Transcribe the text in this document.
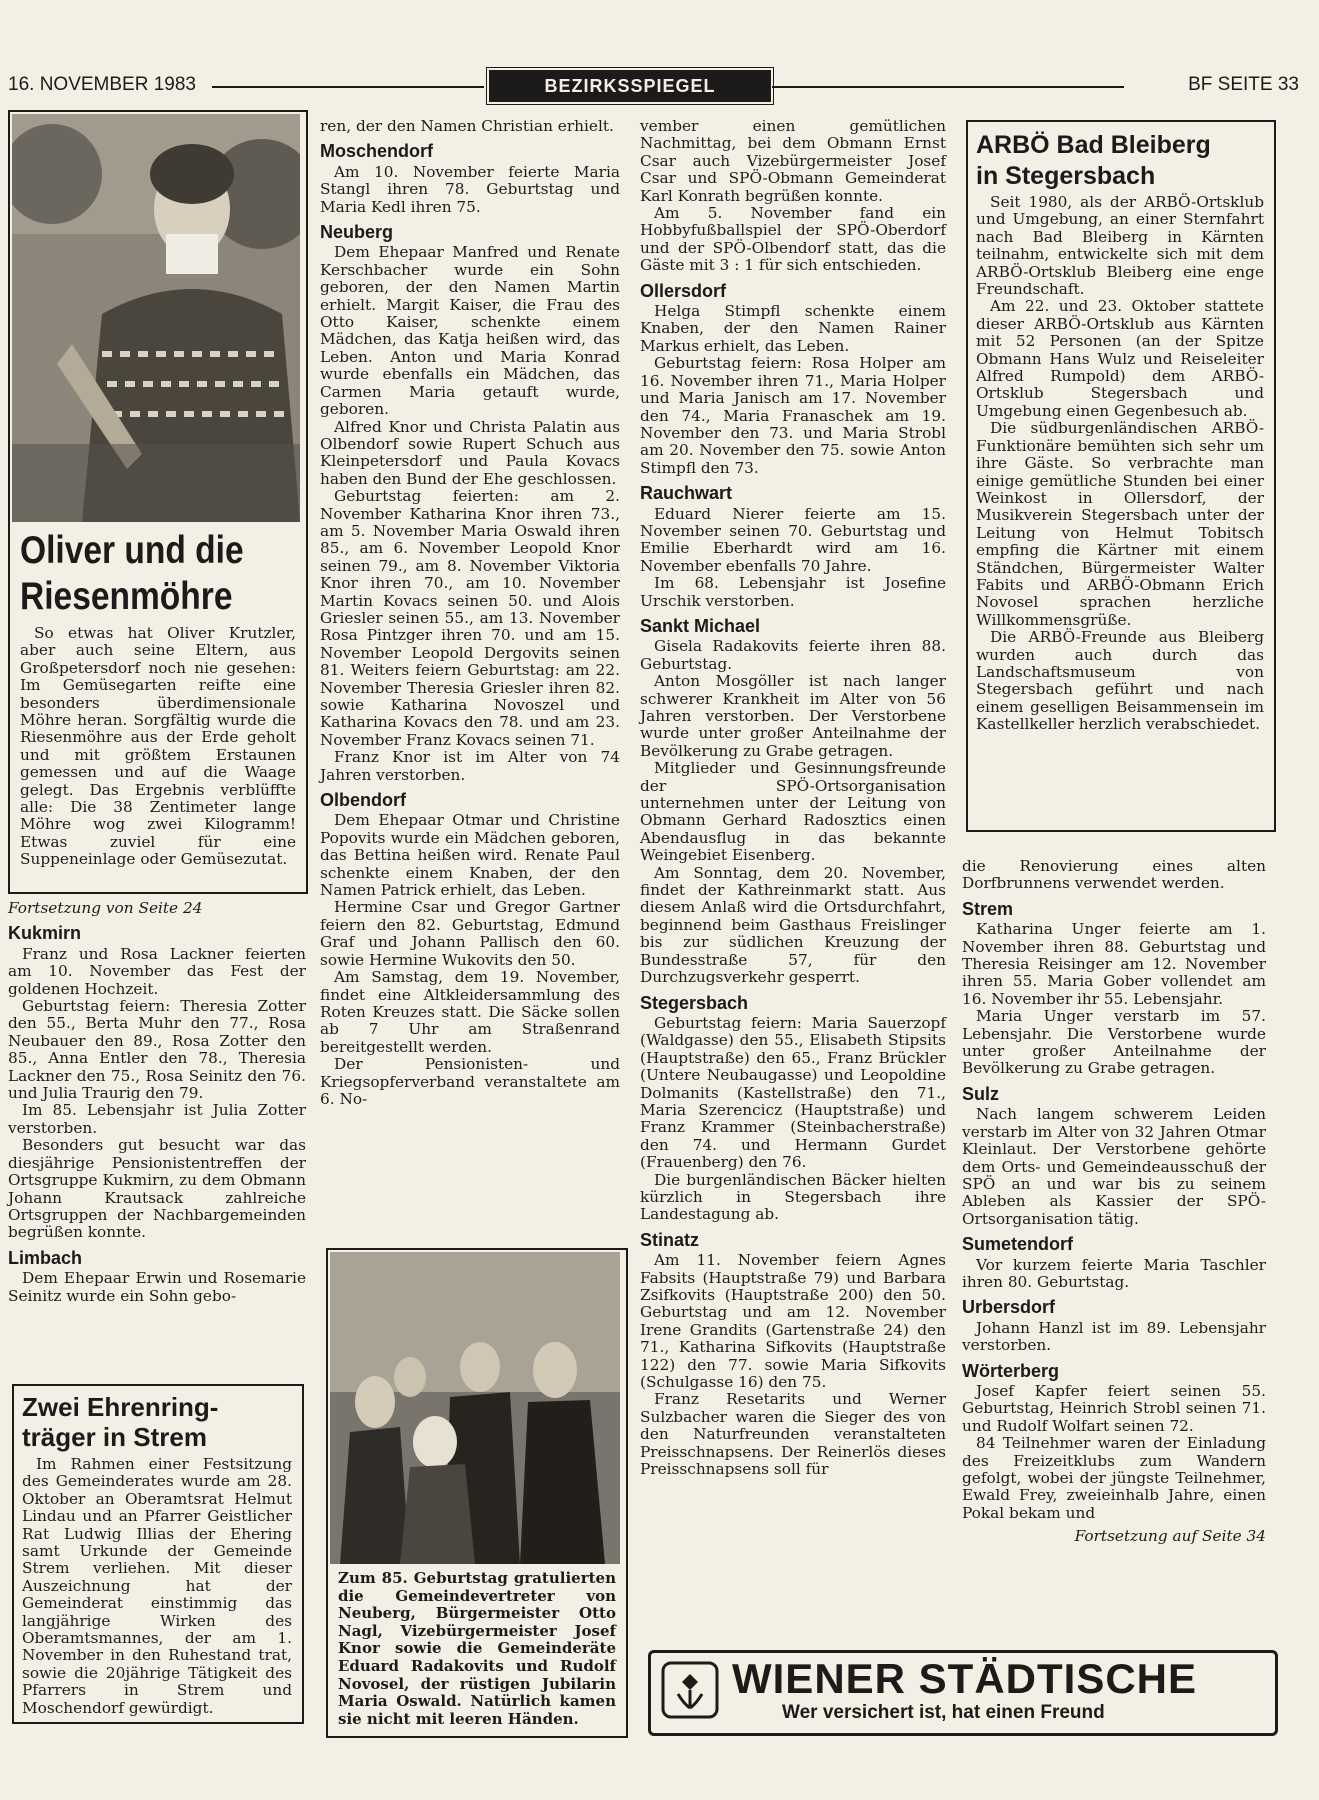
16. NOVEMBER 1983	BEZIRKSSPIEGEL	BF SEITE 33
Oliver und die
Riesenmöhre

So etwas hat Oliver Krutzler, aber auch seine Eltern, aus Großpetersdorf noch nie gesehen: Im Gemüsegarten reifte eine besonders überdimensionale Möhre heran. Sorgfältig wurde die Riesenmöhre aus der Erde geholt und mit größtem Erstaunen gemessen und auf die Waage gelegt. Das Ergebnis verblüffte alle: Die 38 Zentimeter lange Möhre wog zwei Kilogramm! Etwas zuviel für eine Suppeneinlage oder Gemüsezutat.

Fortsetzung von Seite 24

Kukmirn

Franz und Rosa Lackner feierten am 10. November das Fest der goldenen Hochzeit.

Geburtstag feiern: Theresia Zotter den 55., Berta Muhr den 77., Rosa Neubauer den 89., Rosa Zotter den 85., Anna Entler den 78., Theresia Lackner den 75., Rosa Seinitz den 76. und Julia Traurig den 79.

Im 85. Lebensjahr ist Julia Zotter verstorben.

Besonders gut besucht war das diesjährige Pensionistentreffen der Ortsgruppe Kukmirn, zu dem Obmann Johann Krautsack zahlreiche Ortsgruppen der Nachbargemeinden begrüßen konnte.

Limbach

Dem Ehepaar Erwin und Rosemarie Seinitz wurde ein Sohn gebo-

Zwei Ehrenring-
träger in Strem

Im Rahmen einer Festsitzung des Gemeinderates wurde am 28. Oktober an Oberamtsrat Helmut Lindau und an Pfarrer Geistlicher Rat Ludwig Illias der Ehering samt Urkunde der Gemeinde Strem verliehen. Mit dieser Auszeichnung hat der Gemeinderat einstimmig das langjährige Wirken des Oberamtsmannes, der am 1. November in den Ruhestand trat, sowie die 20jährige Tätigkeit des Pfarrers in Strem und Moschendorf gewürdigt.

ren, der den Namen Christian erhielt.

Moschendorf

Am 10. November feierte Maria Stangl ihren 78. Geburtstag und Maria Kedl ihren 75.

Neuberg

Dem Ehepaar Manfred und Renate Kerschbacher wurde ein Sohn geboren, der den Namen Martin erhielt. Margit Kaiser, die Frau des Otto Kaiser, schenkte einem Mädchen, das Katja heißen wird, das Leben. Anton und Maria Konrad wurde ebenfalls ein Mädchen, das Carmen Maria getauft wurde, geboren.

Alfred Knor und Christa Palatin aus Olbendorf sowie Rupert Schuch aus Kleinpetersdorf und Paula Kovacs haben den Bund der Ehe geschlossen.

Geburtstag feierten: am 2. November Katharina Knor ihren 73., am 5. November Maria Oswald ihren 85., am 6. November Leopold Knor seinen 79., am 8. November Viktoria Knor ihren 70., am 10. November Martin Kovacs seinen 50. und Alois Griesler seinen 55., am 13. November Rosa Pintzger ihren 70. und am 15. November Leopold Dergovits seinen 81. Weiters feiern Geburtstag: am 22. November Theresia Griesler ihren 82. sowie Katharina Novoszel und Katharina Kovacs den 78. und am 23. November Franz Kovacs seinen 71.

Franz Knor ist im Alter von 74 Jahren verstorben.

Olbendorf

Dem Ehepaar Otmar und Christine Popovits wurde ein Mädchen geboren, das Bettina heißen wird. Renate Paul schenkte einem Knaben, der den Namen Patrick erhielt, das Leben.

Hermine Csar und Gregor Gartner feiern den 82. Geburtstag, Edmund Graf und Johann Pallisch den 60. sowie Hermine Wukovits den 50.

Am Samstag, dem 19. November, findet eine Altkleidersammlung des Roten Kreuzes statt. Die Säcke sollen ab 7 Uhr am Straßenrand bereitgestellt werden.

Der Pensionisten- und Kriegsopferverband veranstaltete am 6. No-

Zum 85. Geburtstag gratulierten die Gemeindevertreter von Neuberg, Bürgermeister Otto Nagl, Vizebürgermeister Josef Knor sowie die Gemeinderäte Eduard Radakovits und Rudolf Novosel, der rüstigen Jubilarin Maria Oswald. Natürlich kamen sie nicht mit leeren Händen.

vember einen gemütlichen Nachmittag, bei dem Obmann Ernst Csar auch Vizebürgermeister Josef Csar und SPÖ-Obmann Gemeinderat Karl Konrath begrüßen konnte.

Am 5. November fand ein Hobbyfußballspiel der SPÖ-Oberdorf und der SPÖ-Olbendorf statt, das die Gäste mit 3 : 1 für sich entschieden.

Ollersdorf

Helga Stimpfl schenkte einem Knaben, der den Namen Rainer Markus erhielt, das Leben.

Geburtstag feiern: Rosa Holper am 16. November ihren 71., Maria Holper und Maria Janisch am 17. November den 74., Maria Franaschek am 19. November den 73. und Maria Strobl am 20. November den 75. sowie Anton Stimpfl den 73.

Rauchwart

Eduard Nierer feierte am 15. November seinen 70. Geburtstag und Emilie Eberhardt wird am 16. November ebenfalls 70 Jahre.

Im 68. Lebensjahr ist Josefine Urschik verstorben.

Sankt Michael

Gisela Radakovits feierte ihren 88. Geburtstag.

Anton Mosgöller ist nach langer schwerer Krankheit im Alter von 56 Jahren verstorben. Der Verstorbene wurde unter großer Anteilnahme der Bevölkerung zu Grabe getragen.

Mitglieder und Gesinnungsfreunde der SPÖ-Ortsorganisation unternehmen unter der Leitung von Obmann Gerhard Radosztics einen Abendausflug in das bekannte Weingebiet Eisenberg.

Am Sonntag, dem 20. November, findet der Kathreinmarkt statt. Aus diesem Anlaß wird die Ortsdurchfahrt, beginnend beim Gasthaus Freislinger bis zur südlichen Kreuzung der Bundesstraße 57, für den Durchzugsverkehr gesperrt.

Stegersbach

Geburtstag feiern: Maria Sauerzopf (Waldgasse) den 55., Elisabeth Stipsits (Hauptstraße) den 65., Franz Brückler (Untere Neubaugasse) und Leopoldine Dolmanits (Kastellstraße) den 71., Maria Szerencicz (Hauptstraße) und Franz Krammer (Steinbacherstraße) den 74. und Hermann Gurdet (Frauenberg) den 76.

Die burgenländischen Bäcker hielten kürzlich in Stegersbach ihre Landestagung ab.

Stinatz

Am 11. November feiern Agnes Fabsits (Hauptstraße 79) und Barbara Zsifkovits (Hauptstraße 200) den 50. Geburtstag und am 12. November Irene Grandits (Gartenstraße 24) den 71., Katharina Sifkovits (Hauptstraße 122) den 77. sowie Maria Sifkovits (Schulgasse 16) den 75.

Franz Resetarits und Werner Sulzbacher waren die Sieger des von den Naturfreunden veranstalteten Preisschnapsens. Der Reinerlös dieses Preisschnapsens soll für

ARBÖ Bad Bleiberg
in Stegersbach

Seit 1980, als der ARBÖ-Ortsklub und Umgebung, an einer Sternfahrt nach Bad Bleiberg in Kärnten teilnahm, entwickelte sich mit dem ARBÖ-Ortsklub Bleiberg eine enge Freundschaft.

Am 22. und 23. Oktober stattete dieser ARBÖ-Ortsklub aus Kärnten mit 52 Personen (an der Spitze Obmann Hans Wulz und Reiseleiter Alfred Rumpold) dem ARBÖ-Ortsklub Stegersbach und Umgebung einen Gegenbesuch ab.

Die südburgenländischen ARBÖ-Funktionäre bemühten sich sehr um ihre Gäste. So verbrachte man einige gemütliche Stunden bei einer Weinkost in Ollersdorf, der Musikverein Stegersbach unter der Leitung von Helmut Tobitsch empfing die Kärtner mit einem Ständchen, Bürgermeister Walter Fabits und ARBÖ-Obmann Erich Novosel sprachen herzliche Willkommensgrüße.

Die ARBÖ-Freunde aus Bleiberg wurden auch durch das Landschaftsmuseum von Stegersbach geführt und nach einem geselligen Beisammensein im Kastellkeller herzlich verabschiedet.

die Renovierung eines alten Dorfbrunnens verwendet werden.

Strem

Katharina Unger feierte am 1. November ihren 88. Geburtstag und Theresia Reisinger am 12. November ihren 55. Maria Gober vollendet am 16. November ihr 55. Lebensjahr.

Maria Unger verstarb im 57. Lebensjahr. Die Verstorbene wurde unter großer Anteilnahme der Bevölkerung zu Grabe getragen.

Sulz

Nach langem schwerem Leiden verstarb im Alter von 32 Jahren Otmar Kleinlaut. Der Verstorbene gehörte dem Orts- und Gemeindeausschuß der SPÖ an und war bis zu seinem Ableben als Kassier der SPÖ-Ortsorganisation tätig.

Sumetendorf

Vor kurzem feierte Maria Taschler ihren 80. Geburtstag.

Urbersdorf

Johann Hanzl ist im 89. Lebensjahr verstorben.

Wörterberg

Josef Kapfer feiert seinen 55. Geburtstag, Heinrich Strobl seinen 71. und Rudolf Wolfart seinen 72.

84 Teilnehmer waren der Einladung des Freizeitklubs zum Wandern gefolgt, wobei der jüngste Teilnehmer, Ewald Frey, zweieinhalb Jahre, einen Pokal bekam und

Fortsetzung auf Seite 34

WIENER STÄDTISCHE
Wer versichert ist, hat einen Freund
